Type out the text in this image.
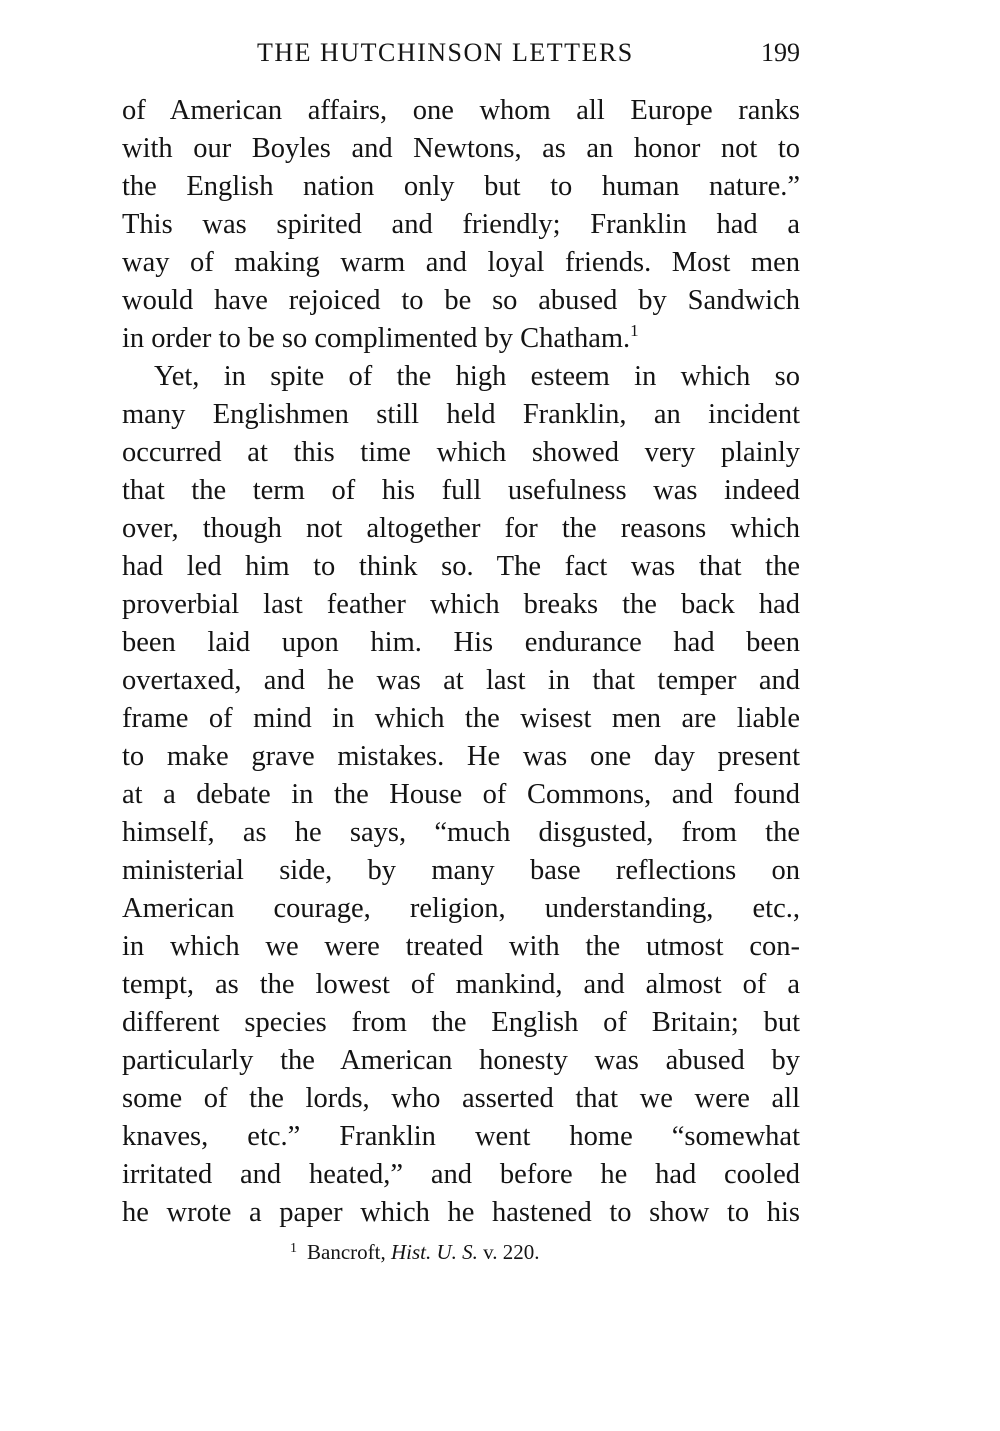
THE HUTCHINSON LETTERS	199
of American affairs, one whom all Europe ranks
with our Boyles and Newtons, as an honor not to
the English nation only but to human nature.”
This was spirited and friendly; Franklin had a
way of making warm and loyal friends. Most men
would have rejoiced to be so abused by Sandwich
in order to be so complimented by Chatham.$^1$
Yet, in spite of the high esteem in which so
many Englishmen still held Franklin, an incident
occurred at this time which showed very plainly
that the term of his full usefulness was indeed
over, though not altogether for the reasons which
had led him to think so. The fact was that the
proverbial last feather which breaks the back had
been laid upon him. His endurance had been
overtaxed, and he was at last in that temper and
frame of mind in which the wisest men are liable
to make grave mistakes. He was one day present
at a debate in the House of Commons, and found
himself, as he says, “much disgusted, from the
ministerial side, by many base reflections on
American courage, religion, understanding, etc.,
in which we were treated with the utmost con-
tempt, as the lowest of mankind, and almost of a
different species from the English of Britain; but
particularly the American honesty was abused by
some of the lords, who asserted that we were all
knaves, etc.” Franklin went home “somewhat
irritated and heated,” and before he had cooled
he wrote a paper which he hastened to show to his
$^1$ Bancroft, Hist. U. S. v. 220.
